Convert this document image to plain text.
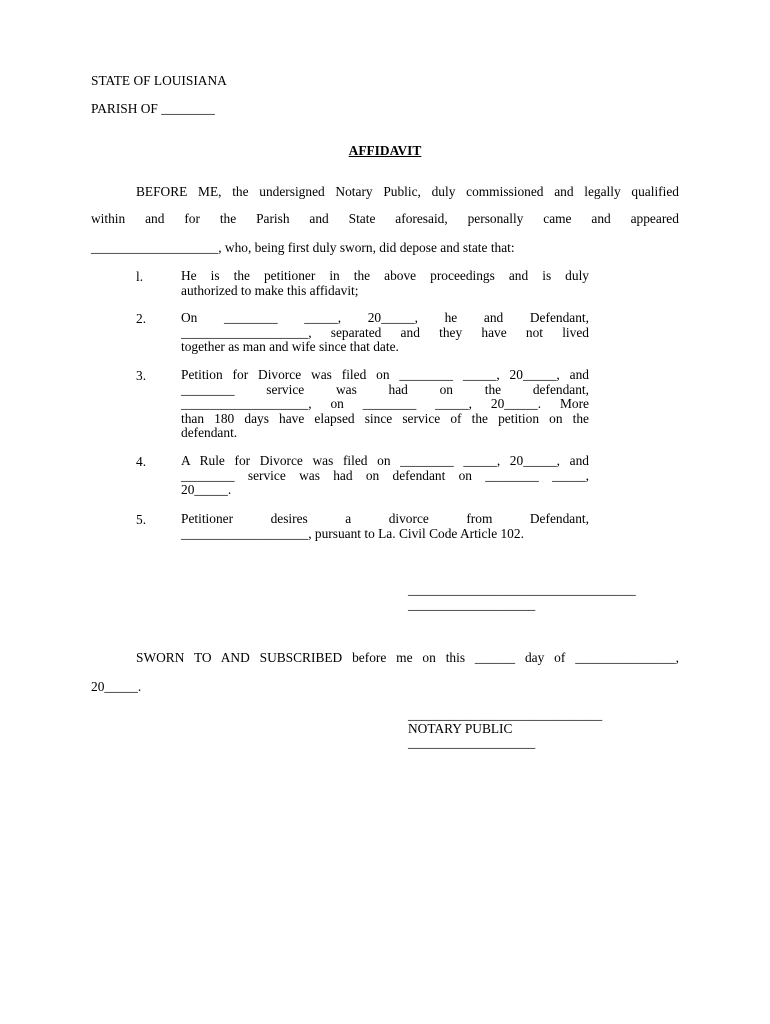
STATE OF LOUISIANA
PARISH OF ________
AFFIDAVIT
BEFORE ME, the undersigned Notary Public, duly commissioned and legally qualified
within and for the Parish and State aforesaid, personally came and appeared
___________________, who, being first duly sworn, did depose and state that:
l.	He is the petitioner in the above proceedings and is duly
authorized to make this affidavit;
2.	On ________ _____, 20_____, he and Defendant,
___________________, separated and they have not lived
together as man and wife since that date.
3.	Petition for Divorce was filed on ________ _____, 20_____, and
________ service was had on the defendant,
___________________, on ________ _____, 20_____. More
than 180 days have elapsed since service of the petition on the
defendant.
4.	A Rule for Divorce was filed on ________ _____, 20_____, and
________ service was had on defendant on ________ _____,
20_____.
5.	Petitioner desires a divorce from Defendant,
___________________, pursuant to La. Civil Code Article 102.
__________________________________
___________________
SWORN TO AND SUBSCRIBED before me on this ______ day of _______________,
20_____.
_____________________________
NOTARY PUBLIC
___________________
